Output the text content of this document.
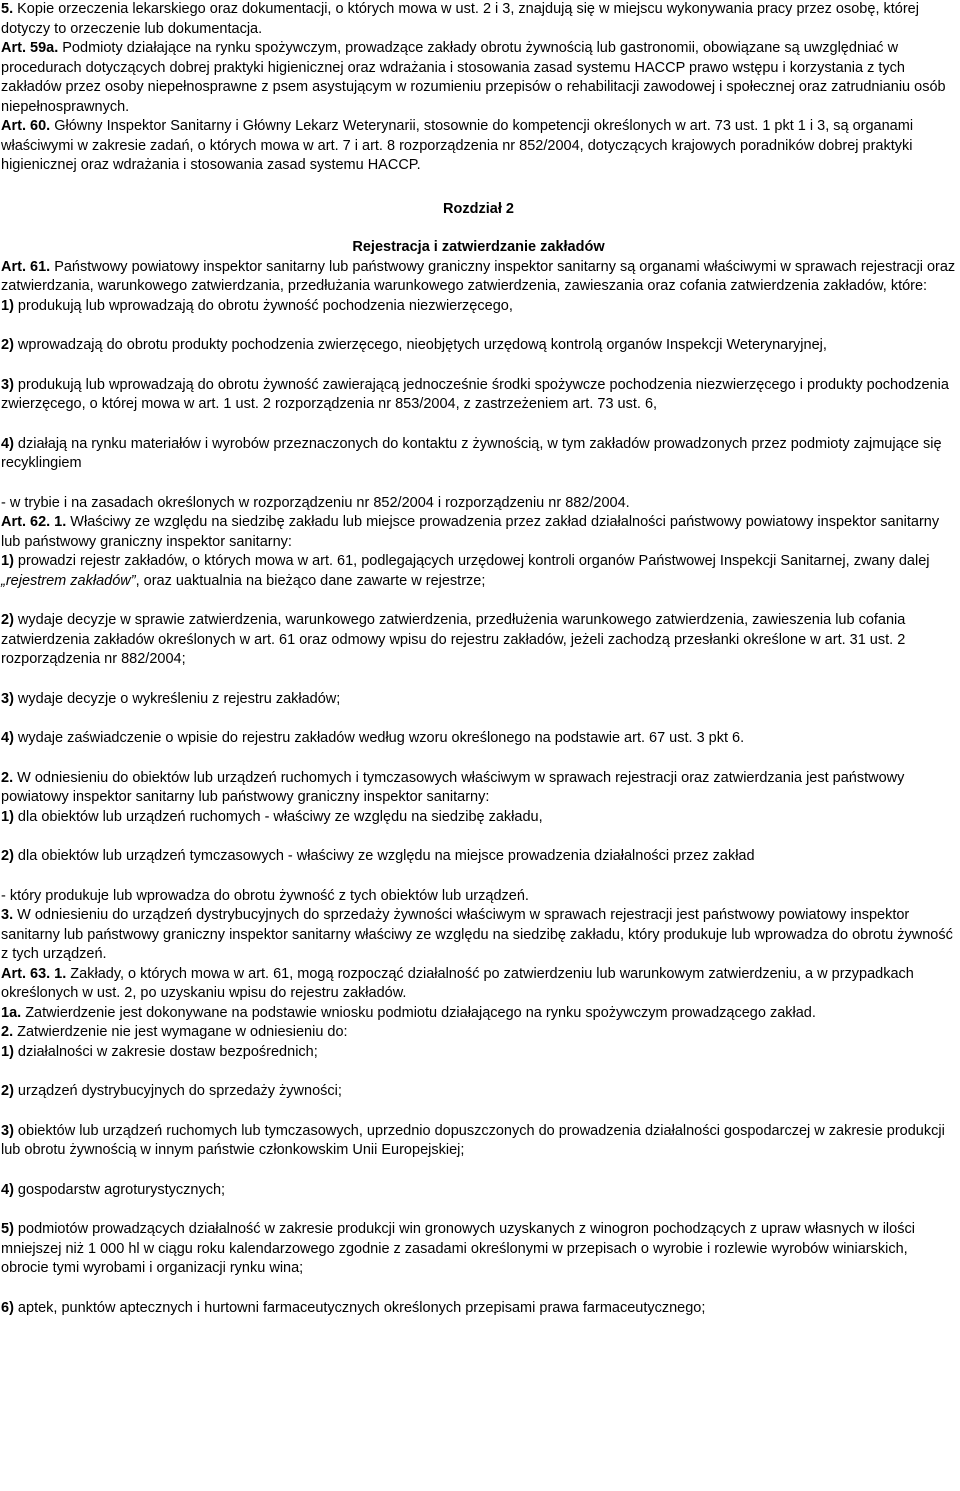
5. Kopie orzeczenia lekarskiego oraz dokumentacji, o których mowa w ust. 2 i 3, znajdują się w miejscu wykonywania pracy przez osobę, której dotyczy to orzeczenie lub dokumentacja.

Art. 59a. Podmioty działające na rynku spożywczym, prowadzące zakłady obrotu żywnością lub gastronomii, obowiązane są uwzględniać w procedurach dotyczących dobrej praktyki higienicznej oraz wdrażania i stosowania zasad systemu HACCP prawo wstępu i korzystania z tych zakładów przez osoby niepełnosprawne z psem asystującym w rozumieniu przepisów o rehabilitacji zawodowej i społecznej oraz zatrudnianiu osób niepełnosprawnych.

Art. 60. Główny Inspektor Sanitarny i Główny Lekarz Weterynarii, stosownie do kompetencji określonych w art. 73 ust. 1 pkt 1 i 3, są organami właściwymi w zakresie zadań, o których mowa w art. 7 i art. 8 rozporządzenia nr 852/2004, dotyczących krajowych poradników dobrej praktyki higienicznej oraz wdrażania i stosowania zasad systemu HACCP.

Rozdział 2

Rejestracja i zatwierdzanie zakładów

Art. 61. Państwowy powiatowy inspektor sanitarny lub państwowy graniczny inspektor sanitarny są organami właściwymi w sprawach rejestracji oraz zatwierdzania, warunkowego zatwierdzania, przedłużania warunkowego zatwierdzenia, zawieszania oraz cofania zatwierdzenia zakładów, które:

1) produkują lub wprowadzają do obrotu żywność pochodzenia niezwierzęcego,

2) wprowadzają do obrotu produkty pochodzenia zwierzęcego, nieobjętych urzędową kontrolą organów Inspekcji Weterynaryjnej,

3) produkują lub wprowadzają do obrotu żywność zawierającą jednocześnie środki spożywcze pochodzenia niezwierzęcego i produkty pochodzenia zwierzęcego, o której mowa w art. 1 ust. 2 rozporządzenia nr 853/2004, z zastrzeżeniem art. 73 ust. 6,

4) działają na rynku materiałów i wyrobów przeznaczonych do kontaktu z żywnością, w tym zakładów prowadzonych przez podmioty zajmujące się recyklingiem

- w trybie i na zasadach określonych w rozporządzeniu nr 852/2004 i rozporządzeniu nr 882/2004.

Art. 62. 1. Właściwy ze względu na siedzibę zakładu lub miejsce prowadzenia przez zakład działalności państwowy powiatowy inspektor sanitarny lub państwowy graniczny inspektor sanitarny:

1) prowadzi rejestr zakładów, o których mowa w art. 61, podlegających urzędowej kontroli organów Państwowej Inspekcji Sanitarnej, zwany dalej „rejestrem zakładów”, oraz uaktualnia na bieżąco dane zawarte w rejestrze;

2) wydaje decyzje w sprawie zatwierdzenia, warunkowego zatwierdzenia, przedłużenia warunkowego zatwierdzenia, zawieszenia lub cofania zatwierdzenia zakładów określonych w art. 61 oraz odmowy wpisu do rejestru zakładów, jeżeli zachodzą przesłanki określone w art. 31 ust. 2 rozporządzenia nr 882/2004;

3) wydaje decyzje o wykreśleniu z rejestru zakładów;

4) wydaje zaświadczenie o wpisie do rejestru zakładów według wzoru określonego na podstawie art. 67 ust. 3 pkt 6.

2. W odniesieniu do obiektów lub urządzeń ruchomych i tymczasowych właściwym w sprawach rejestracji oraz zatwierdzania jest państwowy powiatowy inspektor sanitarny lub państwowy graniczny inspektor sanitarny:

1) dla obiektów lub urządzeń ruchomych - właściwy ze względu na siedzibę zakładu,

2) dla obiektów lub urządzeń tymczasowych - właściwy ze względu na miejsce prowadzenia działalności przez zakład

- który produkuje lub wprowadza do obrotu żywność z tych obiektów lub urządzeń.

3. W odniesieniu do urządzeń dystrybucyjnych do sprzedaży żywności właściwym w sprawach rejestracji jest państwowy powiatowy inspektor sanitarny lub państwowy graniczny inspektor sanitarny właściwy ze względu na siedzibę zakładu, który produkuje lub wprowadza do obrotu żywność z tych urządzeń.

Art. 63. 1. Zakłady, o których mowa w art. 61, mogą rozpocząć działalność po zatwierdzeniu lub warunkowym zatwierdzeniu, a w przypadkach określonych w ust. 2, po uzyskaniu wpisu do rejestru zakładów.

1a. Zatwierdzenie jest dokonywane na podstawie wniosku podmiotu działającego na rynku spożywczym prowadzącego zakład.

2. Zatwierdzenie nie jest wymagane w odniesieniu do:

1) działalności w zakresie dostaw bezpośrednich;

2) urządzeń dystrybucyjnych do sprzedaży żywności;

3) obiektów lub urządzeń ruchomych lub tymczasowych, uprzednio dopuszczonych do prowadzenia działalności gospodarczej w zakresie produkcji lub obrotu żywnością w innym państwie członkowskim Unii Europejskiej;

4) gospodarstw agroturystycznych;

5) podmiotów prowadzących działalność w zakresie produkcji win gronowych uzyskanych z winogron pochodzących z upraw własnych w ilości mniejszej niż 1 000 hl w ciągu roku kalendarzowego zgodnie z zasadami określonymi w przepisach o wyrobie i rozlewie wyrobów winiarskich, obrocie tymi wyrobami i organizacji rynku wina;

6) aptek, punktów aptecznych i hurtowni farmaceutycznych określonych przepisami prawa farmaceutycznego;
